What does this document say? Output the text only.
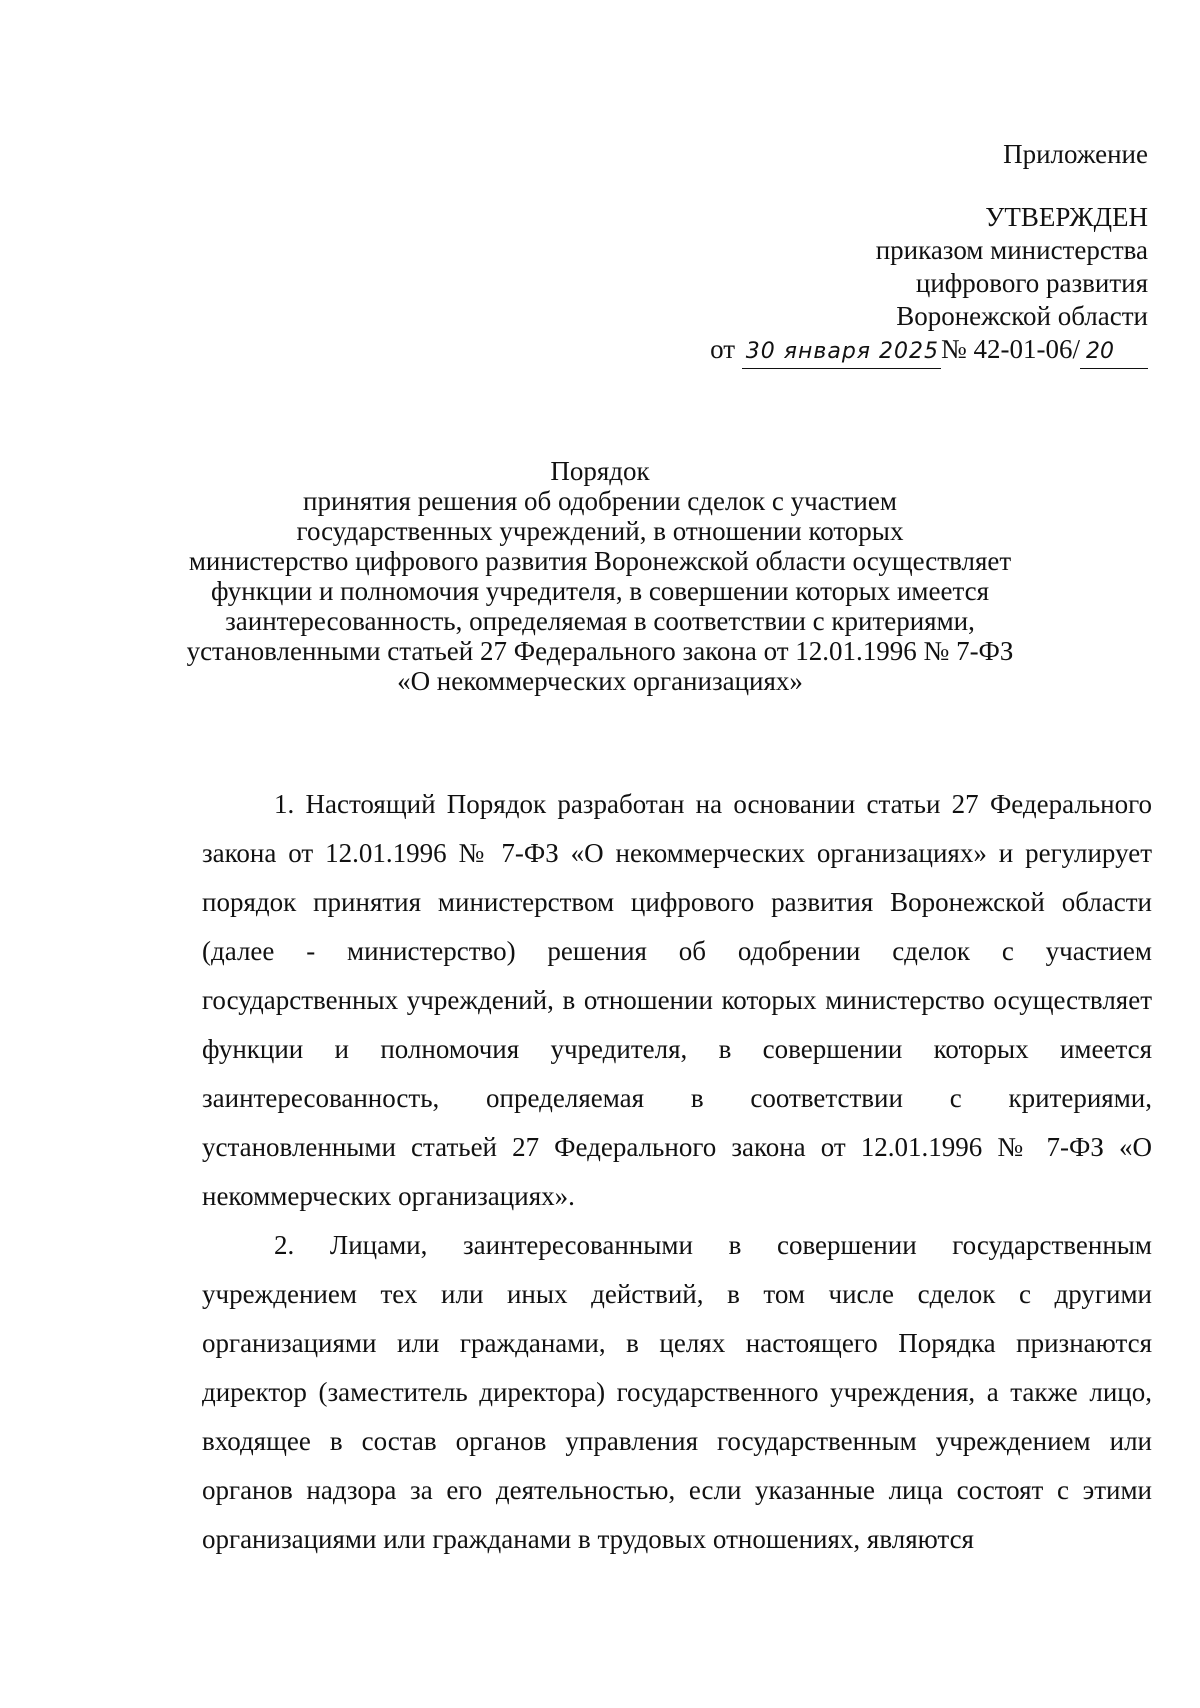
Приложение
УТВЕРЖДЕН
приказом министерства
цифрового развития
Воронежской области
от
30 января 2025 № 42-01-06/ 20
Порядок
принятия решения об одобрении сделок с участием
государственных учреждений, в отношении которых
министерство цифрового развития Воронежской области осуществляет
функции и полномочия учредителя, в совершении которых имеется
заинтересованность, определяемая в соответствии с критериями,
установленными статьей 27 Федерального закона от 12.01.1996 № 7-ФЗ
«О некоммерческих организациях»

1. Настоящий Порядок разработан на основании статьи 27 Федерального закона от 12.01.1996 № 7-ФЗ «О некоммерческих организациях» и регулирует порядок принятия министерством цифрового развития Воронежской области (далее - министерство) решения об одобрении сделок с участием государственных учреждений, в отношении которых министерство осуществляет функции и полномочия учредителя, в совершении которых имеется заинтересованность, определяемая в соответствии с критериями, установленными статьей 27 Федерального закона от 12.01.1996 № 7-ФЗ «О некоммерческих организациях».

2. Лицами, заинтересованными в совершении государственным учреждением тех или иных действий, в том числе сделок с другими организациями или гражданами, в целях настоящего Порядка признаются директор (заместитель директора) государственного учреждения, а также лицо, входящее в состав органов управления государственным учреждением или органов надзора за его деятельностью, если указанные лица состоят с этими организациями или гражданами в трудовых отношениях, являются
